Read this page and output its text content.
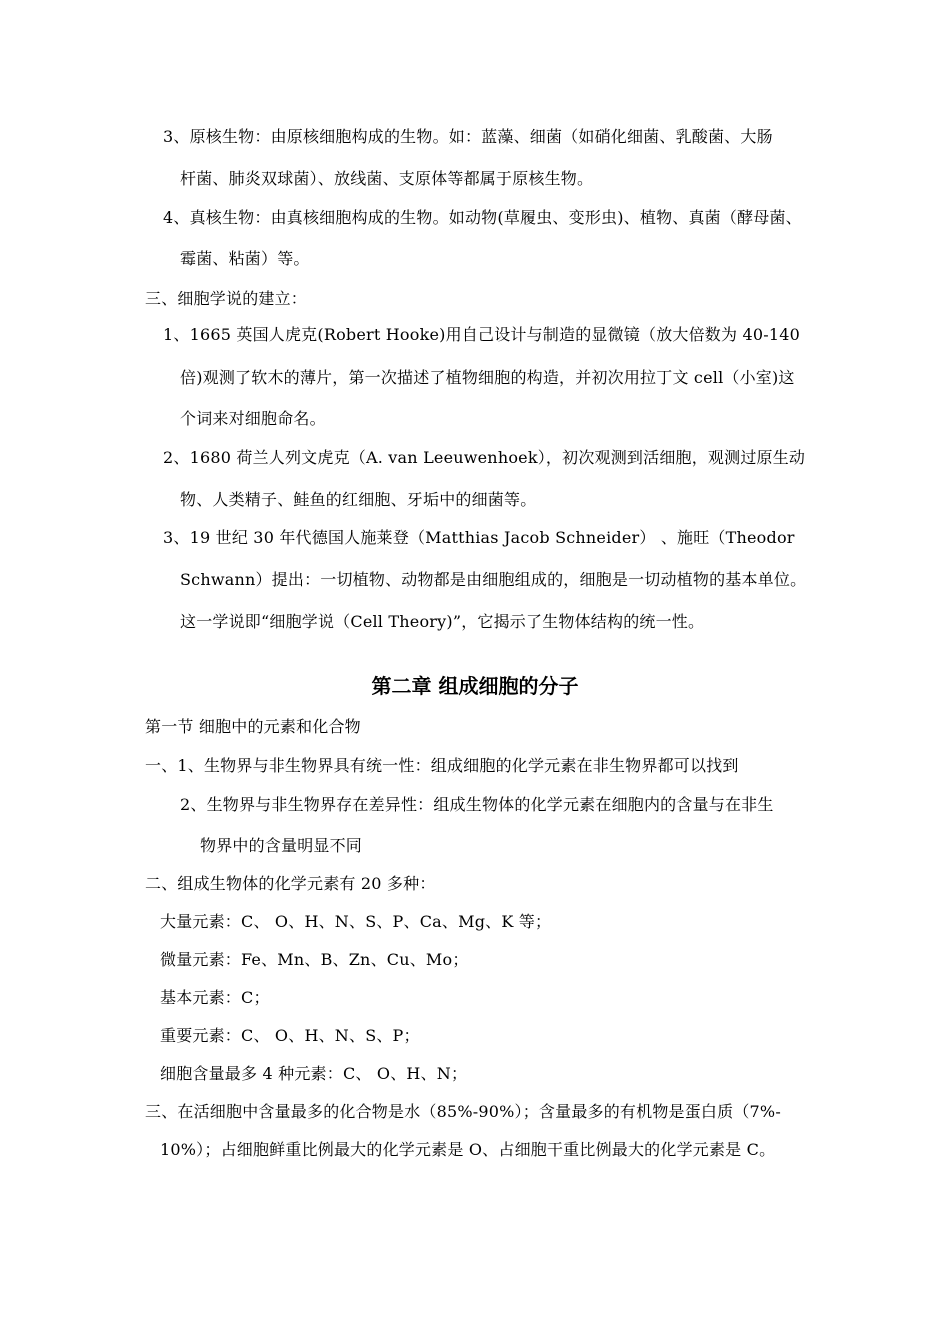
3、原核生物：由原核细胞构成的生物。如：蓝藻、细菌（如硝化细菌、乳酸菌、大肠
杆菌、肺炎双球菌）、放线菌、支原体等都属于原核生物。
4、真核生物：由真核细胞构成的生物。如动物(草履虫、变形虫)、植物、真菌（酵母菌、
霉菌、粘菌）等。
三、细胞学说的建立：
1、1665 英国人虎克(Robert Hooke)用自己设计与制造的显微镜（放大倍数为 40-140
倍)观测了软木的薄片，第一次描述了植物细胞的构造，并初次用拉丁文 cell（小室)这
个词来对细胞命名。
2、1680 荷兰人列文虎克（A. van Leeuwenhoek），初次观测到活细胞，观测过原生动
物、人类精子、鲑鱼的红细胞、牙垢中的细菌等。
3、19 世纪 30 年代德国人施莱登（Matthias Jacob Schneider） 、施旺（Theodor
Schwann）提出：一切植物、动物都是由细胞组成的，细胞是一切动植物的基本单位。
这一学说即“细胞学说（Cell Theory)”，它揭示了生物体结构的统一性。
第二章 组成细胞的分子
第一节 细胞中的元素和化合物
一、1、生物界与非生物界具有统一性：组成细胞的化学元素在非生物界都可以找到
2、生物界与非生物界存在差异性：组成生物体的化学元素在细胞内的含量与在非生
物界中的含量明显不同
二、组成生物体的化学元素有 20 多种：
大量元素：C、 O、H、N、S、P、Ca、Mg、K 等；
微量元素：Fe、Mn、B、Zn、Cu、Mo；
基本元素：C；
重要元素：C、 O、H、N、S、P；
细胞含量最多 4 种元素：C、 O、H、N；
三、在活细胞中含量最多的化合物是水（85%-90%）；含量最多的有机物是蛋白质（7%-
10%）；占细胞鲜重比例最大的化学元素是 O、占细胞干重比例最大的化学元素是 C。
